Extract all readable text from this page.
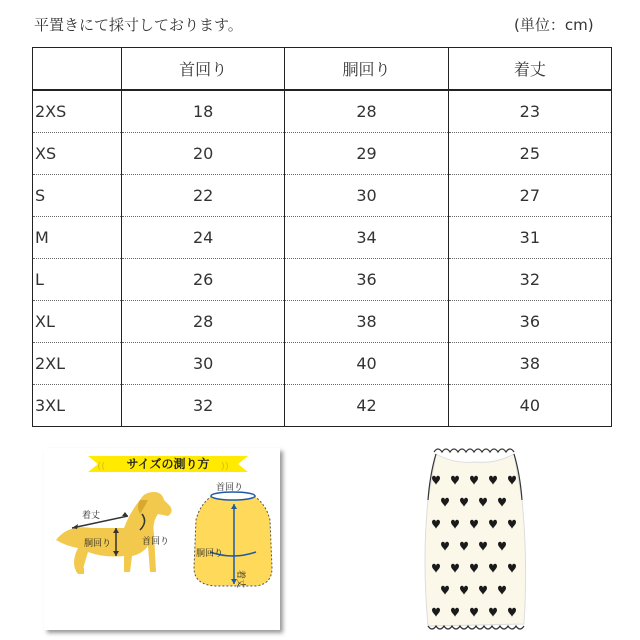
平置きにて採寸しております。	(単位：cm)
	首回り	胴回り	着丈
2XS	18	28	23
XS	20	29	25
S	22	30	27
M	24	34	31
L	26	36	32
XL	28	38	36
2XL	30	40	38
3XL	32	42	40
サイズの測り方
着丈
胴回り	首回り
首回り
胴回り
着丈
